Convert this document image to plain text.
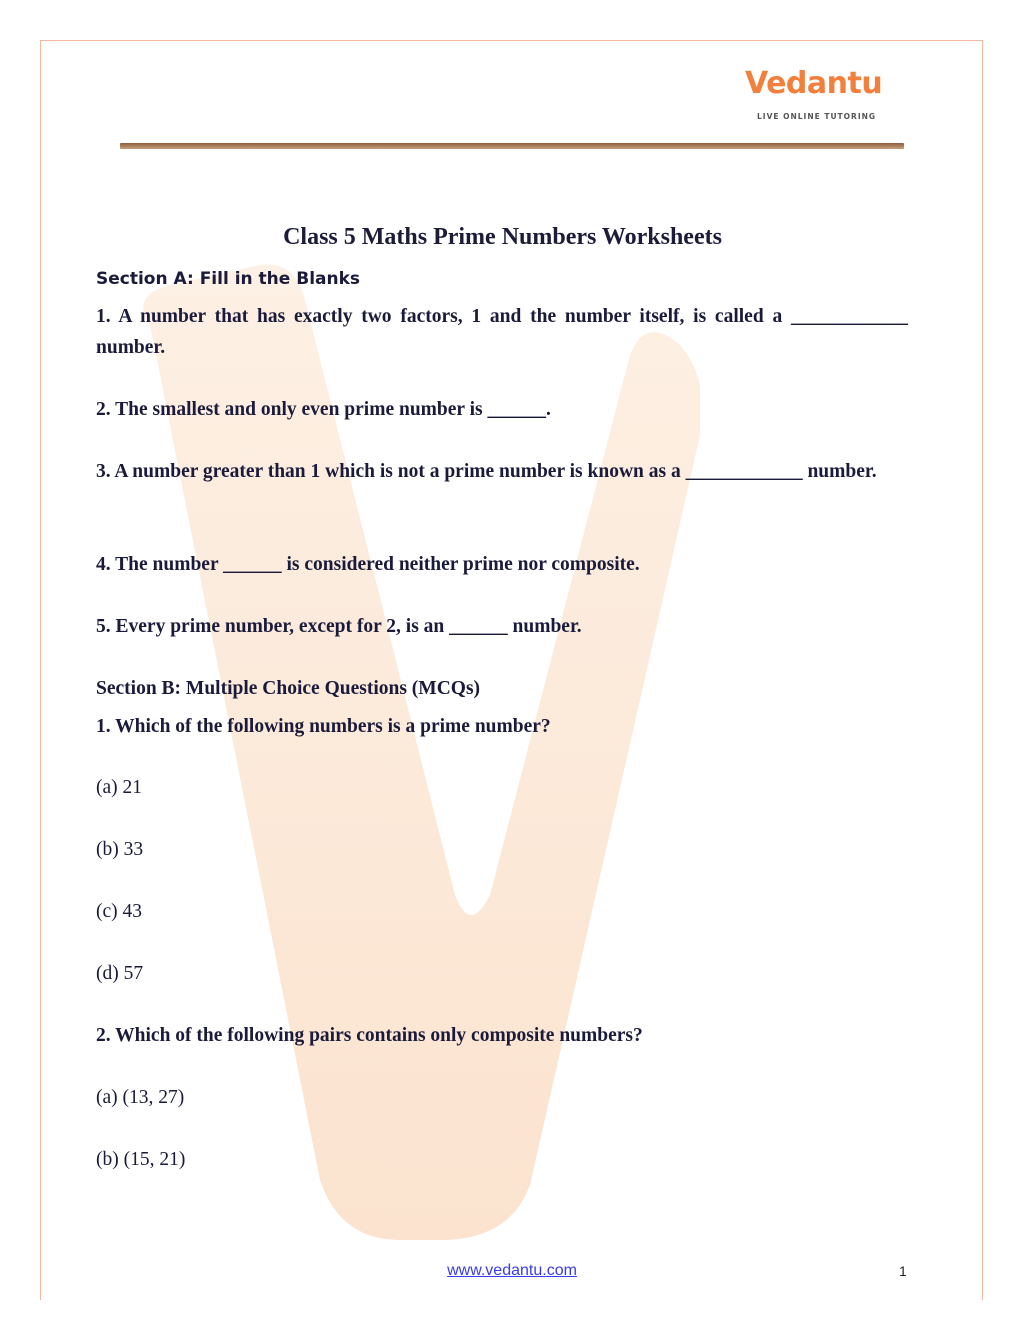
Vedantu
LIVE ONLINE TUTORING
Class 5 Maths Prime Numbers Worksheets
Section A: Fill in the Blanks
1. A number that has exactly two factors, 1 and the number itself, is called a ____________ number.
2. The smallest and only even prime number is ______.
3. A number greater than 1 which is not a prime number is known as a ____________ number.
4. The number ______ is considered neither prime nor composite.
5. Every prime number, except for 2, is an ______ number.
Section B: Multiple Choice Questions (MCQs)
1. Which of the following numbers is a prime number?
(a) 21
(b) 33
(c) 43
(d) 57
2. Which of the following pairs contains only composite numbers?
(a) (13, 27)
(b) (15, 21)
www.vedantu.com	1
